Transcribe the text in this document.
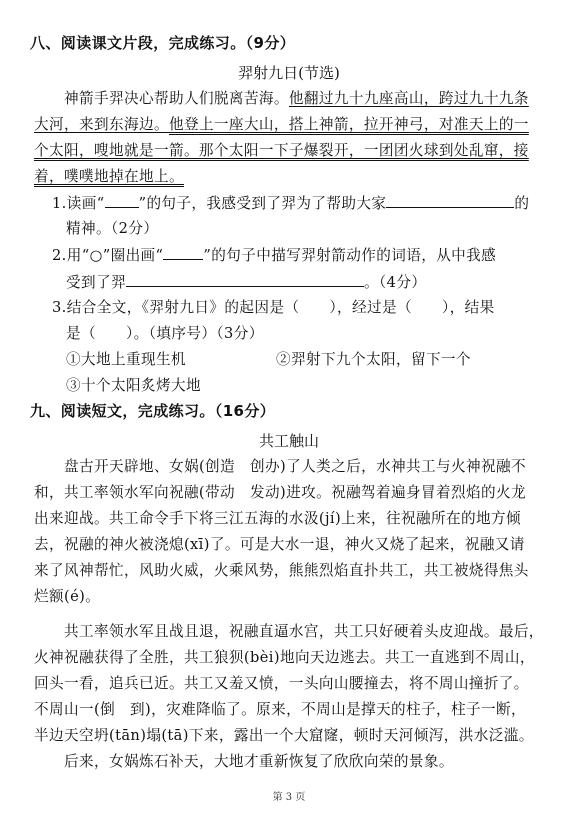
八、阅读课文片段，完成练习。（9分）
羿射九日(节选)
神箭手羿决心帮助人们脱离苦海。他翻过九十九座高山，跨过九十九条
大河，来到东海边。他登上一座大山，搭上神箭，拉开神弓，对准天上的一
个太阳，嗖地就是一箭。那个太阳一下子爆裂开，一团团火球到处乱窜，接
着，噗噗地掉在地上。
1.读画“ ”的句子，我感受到了羿为了帮助大家	的
精神。（2分）
2.用“○”圈出画“	”的句子中描写羿射箭动作的词语，从中我感
受到了羿	。（4分）
3.结合全文，《羿射九日》的起因是（　　），经过是（　　），结果
是（　　）。（填序号）（3分）
①大地上重现生机	②羿射下九个太阳，留下一个
③十个太阳炙烤大地
九、阅读短文，完成练习。（16分）
共工触山
盘古开天辟地、女娲(创造　创办)了人类之后，水神共工与火神祝融不
和，共工率领水军向祝融(带动　发动)进攻。祝融驾着遍身冒着烈焰的火龙
出来迎战。共工命令手下将三江五海的水汲(jí)上来，往祝融所在的地方倾
去，祝融的神火被浇熄(xī)了。可是大水一退，神火又烧了起来，祝融又请
来了风神帮忙，风助火威，火乘风势，熊熊烈焰直扑共工，共工被烧得焦头
烂额(é)。
共工率领水军且战且退，祝融直逼水宫，共工只好硬着头皮迎战。最后，
火神祝融获得了全胜，共工狼狈(bèi)地向天边逃去。共工一直逃到不周山，
回头一看，追兵已近。共工又羞又愤，一头向山腰撞去，将不周山撞折了。
不周山一(倒　到)，灾难降临了。原来，不周山是撑天的柱子，柱子一断，
半边天空坍(tān)塌(tā)下来，露出一个大窟窿，顿时天河倾泻，洪水泛滥。
后来，女娲炼石补天，大地才重新恢复了欣欣向荣的景象。
第 3 页
